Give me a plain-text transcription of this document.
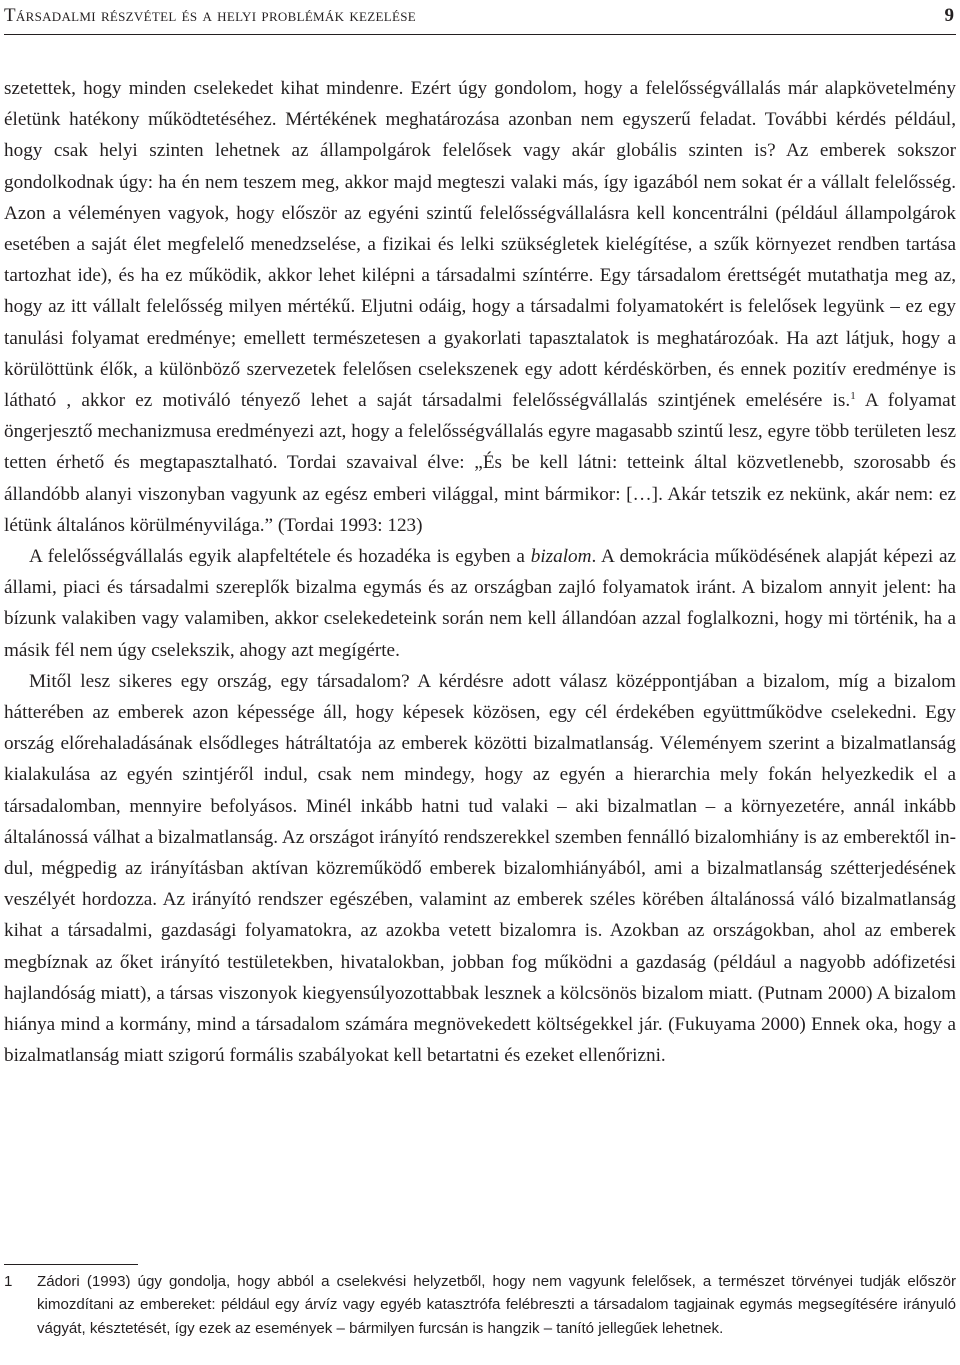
Társadalmi részvétel és a helyi problémák kezelése	9

szetettek, hogy minden cselekedet kihat mindenre. Ezért úgy gondolom, hogy a felelősségvállalás már alapkövetelmény életünk hatékony működtetéséhez. Mértékének meghatározása azonban nem egyszerű feladat. További kérdés például, hogy csak helyi szinten lehetnek az állampolgárok felelősek vagy akár globális szinten is? Az emberek sokszor gondolkodnak úgy: ha én nem teszem meg, akkor majd megteszi valaki más, így igazából nem sokat ér a vállalt felelősség. Azon a véleményen vagyok, hogy először az egyéni szintű felelősségvállalásra kell koncentrálni (például állampolgárok esetében a saját élet megfelelő menedzselése, a fizikai és lelki szükségletek kielégítése, a szűk környezet rendben tartása tartozhat ide), és ha ez működik, akkor lehet kilépni a társadalmi színtérre. Egy társadalom érettségét mutathatja meg az, hogy az itt vállalt felelősség milyen mértékű. Eljutni odáig, hogy a társadalmi folyamatokért is felelősek legyünk – ez egy tanulási folyamat eredménye; emellett természetesen a gyakorlati tapasztalatok is meghatározóak. Ha azt látjuk, hogy a körülöttünk élők, a különböző szervezetek felelősen cselekszenek egy adott kérdéskörben, és ennek pozitív eredménye is látható , akkor ez motiváló tényező lehet a saját társadalmi felelősségvállalás szintjének emelésére is.$^1$ A folyamat öngerjesztő mechanizmusa eredményezi azt, hogy a felelősségvállalás egyre magasabb szintű lesz, egyre több területen lesz tetten érhető és megtapasztalható. Tordai szavaival élve: „És be kell látni: tetteink által közvetlenebb, szorosabb és állandóbb alanyi viszonyban vagyunk az egész emberi világgal, mint bármikor: […]. Akár tetszik ez nekünk, akár nem: ez létünk általános körülményvilága.” (Tordai 1993: 123)

A felelősségvállalás egyik alapfeltétele és hozadéka is egyben a bizalom. A demokrácia működésének alapját képezi az állami, piaci és társadalmi szereplők bizalma egymás és az országban zajló folyamatok iránt. A bizalom annyit jelent: ha bízunk valakiben vagy valamiben, akkor cselekedeteink során nem kell állandóan azzal foglalkozni, hogy mi történik, ha a másik fél nem úgy cselekszik, ahogy azt megígérte.

Mitől lesz sikeres egy ország, egy társadalom? A kérdésre adott válasz középpontjában a bizalom, míg a bizalom hátterében az emberek azon képessége áll, hogy képesek közösen, egy cél érdekében együttműködve cselekedni. Egy ország előrehaladásának elsődleges hátráltatója az emberek közötti bizalmatlanság. Véleményem szerint a bizalmatlanság kialakulása az egyén szintjéről indul, csak nem mindegy, hogy az egyén a hierarchia mely fokán helyezkedik el a társadalomban, mennyire befolyásos. Minél inkább hatni tud valaki – aki bizalmatlan – a környezetére, annál inkább általánossá válhat a bizalmatlanság. Az országot irányító rendszerekkel szemben fennálló bizalomhiány is az emberektől indul, mégpedig az irányításban aktívan közreműködő emberek bizalomhiányából, ami a bizalmatlanság szétterjedésének veszélyét hordozza. Az irányító rendszer egészében, valamint az emberek széles körében általánossá váló bizalmatlanság kihat a társadalmi, gazdasági folyamatokra, az azokba vetett bizalomra is. Azokban az országokban, ahol az emberek megbíznak az őket irányító testületekben, hivatalokban, jobban fog működni a gazdaság (például a nagyobb adófizetési hajlandóság miatt), a társas viszonyok kiegyensúlyozottabbak lesznek a kölcsönös bizalom miatt. (Putnam 2000) A bizalom hiánya mind a kormány, mind a társadalom számára megnövekedett költségekkel jár. (Fukuyama 2000) Ennek oka, hogy a bizalmatlanság miatt szigorú formális szabályokat kell betartatni és ezeket ellenőrizni.

1 Zádori (1993) úgy gondolja, hogy abból a cselekvési helyzetből, hogy nem vagyunk felelősek, a természet törvényei tudják először kimozdítani az embereket: például egy árvíz vagy egyéb katasztrófa felébreszti a társadalom tagjainak egymás megsegítésére irányuló vágyát, késztetését, így ezek az események – bármilyen furcsán is hangzik – tanító jellegűek lehetnek.
